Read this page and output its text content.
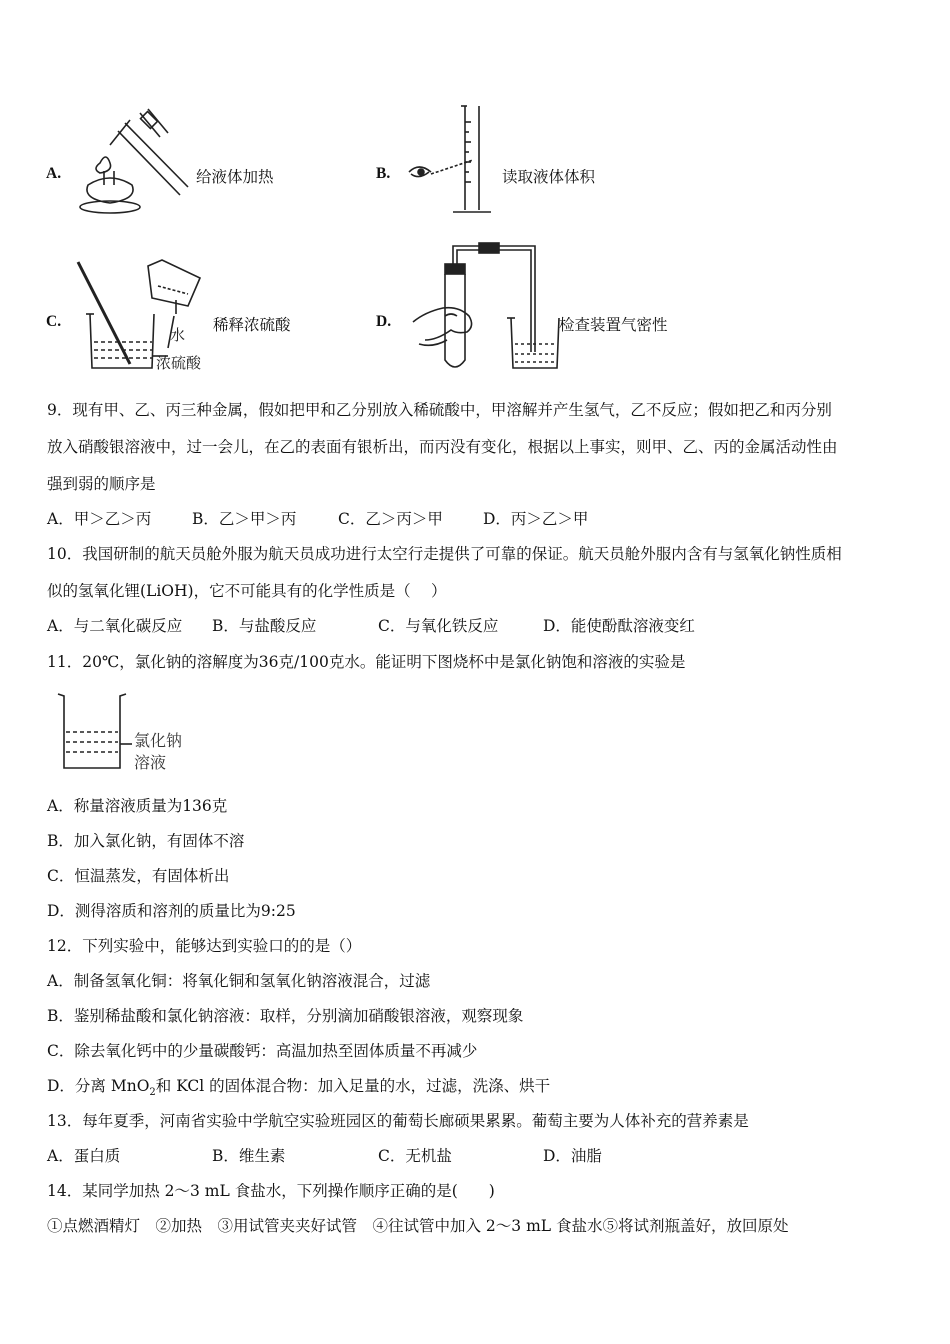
A.	给液体加热	B.	读取液体体积
C.
水
浓硫酸
稀释浓硫酸	D.	检查装置气密性
9．现有甲、乙、丙三种金属，假如把甲和乙分别放入稀硫酸中，甲溶解并产生氢气，乙不反应；假如把乙和丙分别
放入硝酸银溶液中，过一会儿，在乙的表面有银析出，而丙没有变化，根据以上事实，则甲、乙、丙的金属活动性由
强到弱的顺序是
A．甲＞乙＞丙	B．乙＞甲＞丙	C．乙＞丙＞甲	D．丙＞乙＞甲
10．我国研制的航天员舱外服为航天员成功进行太空行走提供了可靠的保证。航天员舱外服内含有与氢氧化钠性质相
似的氢氧化锂(LiOH)，它不可能具有的化学性质是（　 ）
A．与二氧化碳反应 B．与盐酸反应	C．与氧化铁反应	D．能使酚酞溶液变红
11．20℃，氯化钠的溶解度为36克/100克水。能证明下图烧杯中是氯化钠饱和溶液的实验是
氯化钠
溶液
A．称量溶液质量为136克
B．加入氯化钠，有固体不溶
C．恒温蒸发，有固体析出
D．测得溶质和溶剂的质量比为9:25
12．下列实验中，能够达到实验口的的是（）
A．制备氢氧化铜：将氧化铜和氢氧化钠溶液混合，过滤
B．鉴别稀盐酸和氯化钠溶液：取样，分别滴加硝酸银溶液，观察现象
C．除去氧化钙中的少量碳酸钙：高温加热至固体质量不再减少
D．分离 MnO$_2$和 KCl 的固体混合物：加入足量的水，过滤，洗涤、烘干
13．每年夏季，河南省实验中学航空实验班园区的葡萄长廊硕果累累。葡萄主要为人体补充的营养素是
A．蛋白质	B．维生素	C．无机盐	D．油脂
14．某同学加热 2～3 mL 食盐水，下列操作顺序正确的是(　　)
①点燃酒精灯　②加热　③用试管夹夹好试管　④往试管中加入 2～3 mL 食盐水⑤将试剂瓶盖好，放回原处
